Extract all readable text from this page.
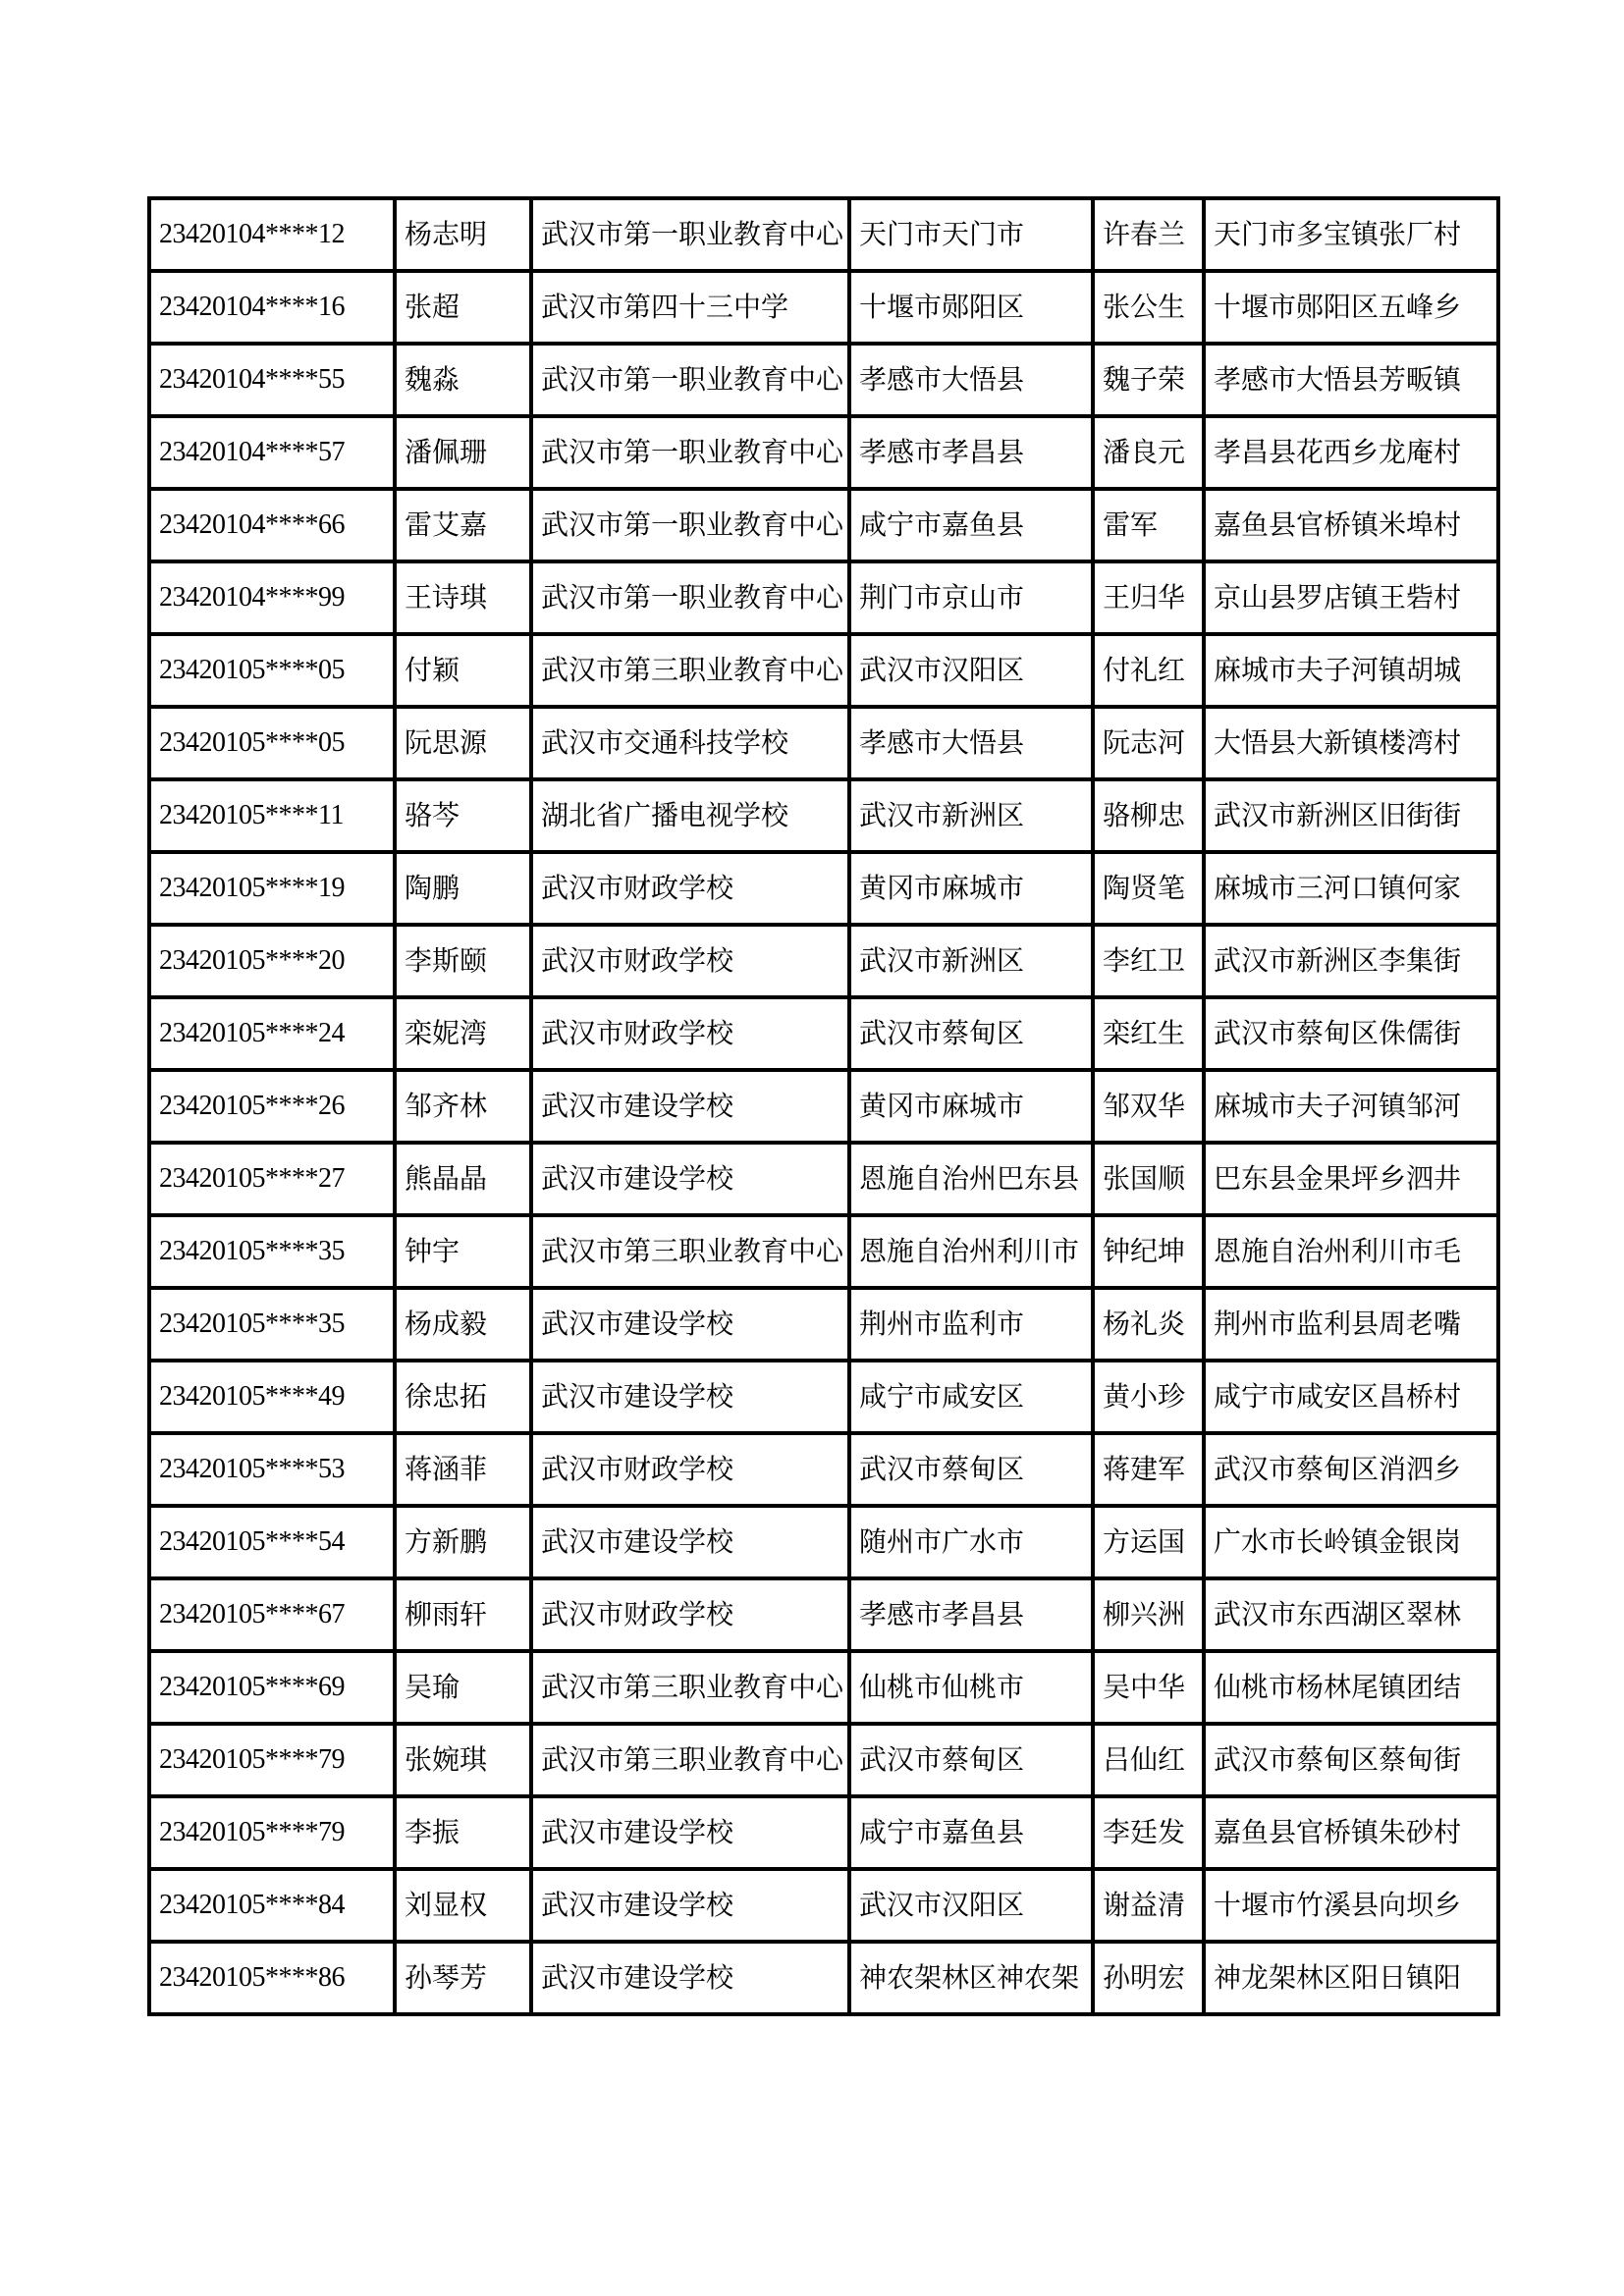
23420104****12	杨志明	武汉市第一职业教育中心	天门市天门市	许春兰	天门市多宝镇张厂村
23420104****16	张超	武汉市第四十三中学	十堰市郧阳区	张公生	十堰市郧阳区五峰乡
23420104****55	魏淼	武汉市第一职业教育中心	孝感市大悟县	魏子荣	孝感市大悟县芳畈镇
23420104****57	潘佩珊	武汉市第一职业教育中心	孝感市孝昌县	潘良元	孝昌县花西乡龙庵村
23420104****66	雷艾嘉	武汉市第一职业教育中心	咸宁市嘉鱼县	雷军	嘉鱼县官桥镇米埠村
23420104****99	王诗琪	武汉市第一职业教育中心	荆门市京山市	王归华	京山县罗店镇王砦村
23420105****05	付颖	武汉市第三职业教育中心	武汉市汉阳区	付礼红	麻城市夫子河镇胡城
23420105****05	阮思源	武汉市交通科技学校	孝感市大悟县	阮志河	大悟县大新镇楼湾村
23420105****11	骆芩	湖北省广播电视学校	武汉市新洲区	骆柳忠	武汉市新洲区旧街街
23420105****19	陶鹏	武汉市财政学校	黄冈市麻城市	陶贤笔	麻城市三河口镇何家
23420105****20	李斯颐	武汉市财政学校	武汉市新洲区	李红卫	武汉市新洲区李集街
23420105****24	栾妮湾	武汉市财政学校	武汉市蔡甸区	栾红生	武汉市蔡甸区侏儒街
23420105****26	邹齐林	武汉市建设学校	黄冈市麻城市	邹双华	麻城市夫子河镇邹河
23420105****27	熊晶晶	武汉市建设学校	恩施自治州巴东县	张国顺	巴东县金果坪乡泗井
23420105****35	钟宇	武汉市第三职业教育中心	恩施自治州利川市	钟纪坤	恩施自治州利川市毛
23420105****35	杨成毅	武汉市建设学校	荆州市监利市	杨礼炎	荆州市监利县周老嘴
23420105****49	徐忠拓	武汉市建设学校	咸宁市咸安区	黄小珍	咸宁市咸安区昌桥村
23420105****53	蒋涵菲	武汉市财政学校	武汉市蔡甸区	蒋建军	武汉市蔡甸区消泗乡
23420105****54	方新鹏	武汉市建设学校	随州市广水市	方运国	广水市长岭镇金银岗
23420105****67	柳雨轩	武汉市财政学校	孝感市孝昌县	柳兴洲	武汉市东西湖区翠林
23420105****69	吴瑜	武汉市第三职业教育中心	仙桃市仙桃市	吴中华	仙桃市杨林尾镇团结
23420105****79	张婉琪	武汉市第三职业教育中心	武汉市蔡甸区	吕仙红	武汉市蔡甸区蔡甸街
23420105****79	李振	武汉市建设学校	咸宁市嘉鱼县	李廷发	嘉鱼县官桥镇朱砂村
23420105****84	刘显权	武汉市建设学校	武汉市汉阳区	谢益清	十堰市竹溪县向坝乡
23420105****86	孙琴芳	武汉市建设学校	神农架林区神农架	孙明宏	神龙架林区阳日镇阳
